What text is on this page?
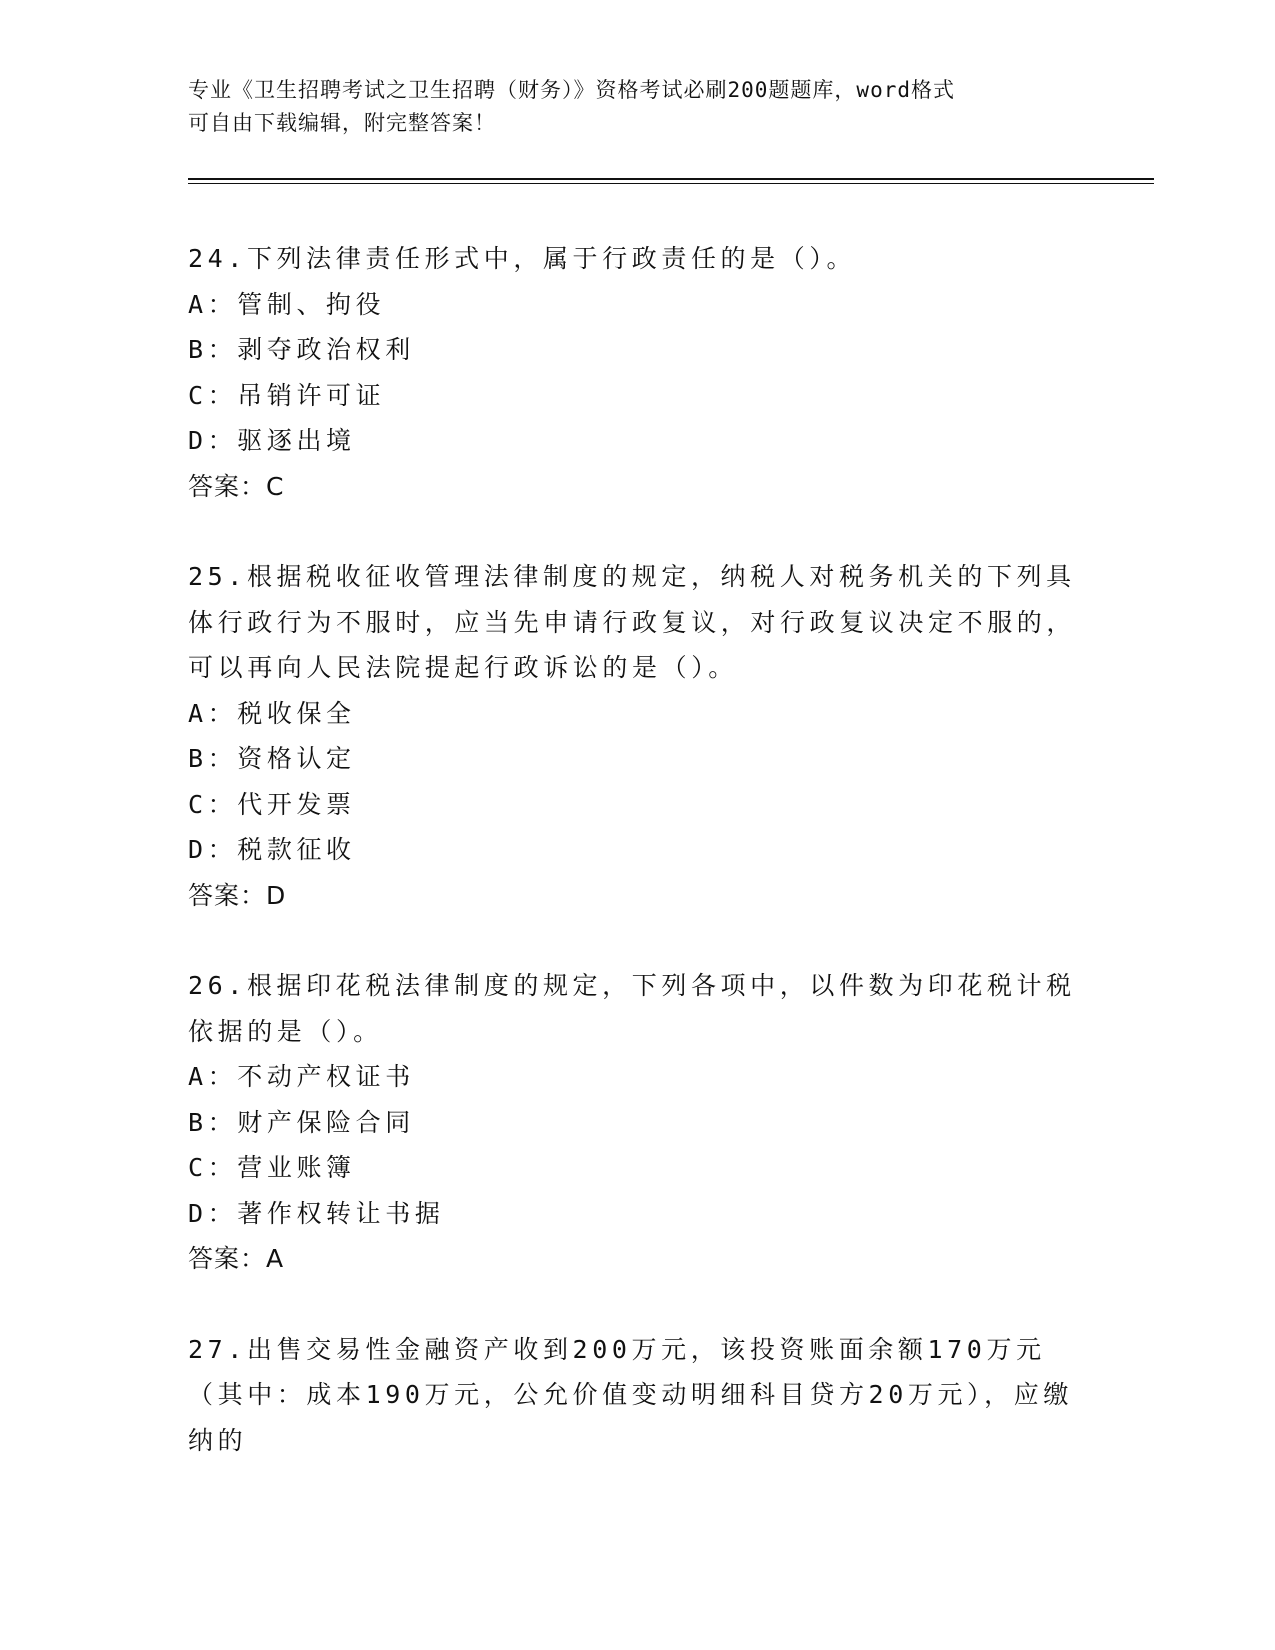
专业《卫生招聘考试之卫生招聘（财务）》资格考试必刷200题题库，word格式
可自由下载编辑，附完整答案！

24.下列法律责任形式中，属于行政责任的是（）。

A：管制、拘役

B：剥夺政治权利

C：吊销许可证

D：驱逐出境

答案：C

25.根据税收征收管理法律制度的规定，纳税人对税务机关的下列具体行政行为不服时，应当先申请行政复议，对行政复议决定不服的，可以再向人民法院提起行政诉讼的是（）。

A：税收保全

B：资格认定

C：代开发票

D：税款征收

答案：D

26.根据印花税法律制度的规定，下列各项中，以件数为印花税计税依据的是（）。

A：不动产权证书

B：财产保险合同

C：营业账簿

D：著作权转让书据

答案：A

27.出售交易性金融资产收到200万元，该投资账面余额170万元（其中：成本190万元，公允价值变动明细科目贷方20万元），应缴纳的
